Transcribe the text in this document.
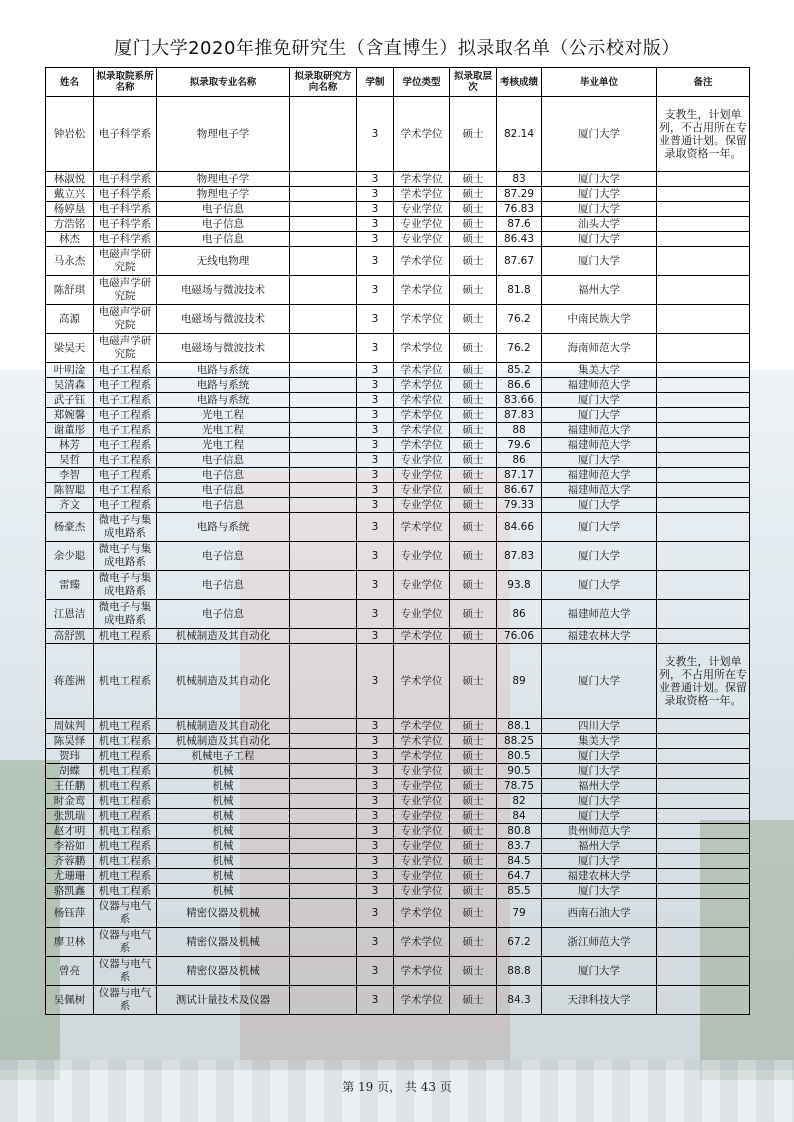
厦门大学2020年推免研究生（含直博生）拟录取名单（公示校对版）
姓名	拟录取院系所名称	拟录取专业名称	拟录取研究方向名称	学制	学位类型	拟录取层次	考核成绩	毕业单位	备注
钟岩松	电子科学系	物理电子学		3	学术学位	硕士	82.14	厦门大学	支教生，计划单列，不占用所在专业普通计划。保留录取资格一年。
林淑悦	电子科学系	物理电子学		3	学术学位	硕士	83	厦门大学	
戴立兴	电子科学系	物理电子学		3	学术学位	硕士	87.29	厦门大学	
杨婷垦	电子科学系	电子信息		3	专业学位	硕士	76.83	厦门大学	
方浩铭	电子科学系	电子信息		3	专业学位	硕士	87.6	汕头大学	
林杰	电子科学系	电子信息		3	专业学位	硕士	86.43	厦门大学	
马永杰	电磁声学研究院	无线电物理		3	学术学位	硕士	87.67	厦门大学	
陈舒琪	电磁声学研究院	电磁场与微波技术		3	学术学位	硕士	81.8	福州大学	
高源	电磁声学研究院	电磁场与微波技术		3	学术学位	硕士	76.2	中南民族大学	
梁昊天	电磁声学研究院	电磁场与微波技术		3	学术学位	硕士	76.2	海南师范大学	
叶明淦	电子工程系	电路与系统		3	学术学位	硕士	85.2	集美大学	
吴清森	电子工程系	电路与系统		3	学术学位	硕士	86.6	福建师范大学	
武子钰	电子工程系	电路与系统		3	学术学位	硕士	83.66	厦门大学	
郑婉馨	电子工程系	光电工程		3	学术学位	硕士	87.83	厦门大学	
谢董彤	电子工程系	光电工程		3	学术学位	硕士	88	福建师范大学	
林芳	电子工程系	光电工程		3	学术学位	硕士	79.6	福建师范大学	
吴哲	电子工程系	电子信息		3	专业学位	硕士	86	厦门大学	
李智	电子工程系	电子信息		3	专业学位	硕士	87.17	福建师范大学	
陈智聪	电子工程系	电子信息		3	专业学位	硕士	86.67	福建师范大学	
齐文	电子工程系	电子信息		3	专业学位	硕士	79.33	厦门大学	
杨豪杰	微电子与集成电路系	电路与系统		3	学术学位	硕士	84.66	厦门大学	
余少聪	微电子与集成电路系	电子信息		3	专业学位	硕士	87.83	厦门大学	
雷臻	微电子与集成电路系	电子信息		3	专业学位	硕士	93.8	厦门大学	
江恩洁	微电子与集成电路系	电子信息		3	专业学位	硕士	86	福建师范大学	
高舒凯	机电工程系	机械制造及其自动化		3	学术学位	硕士	76.06	福建农林大学	
蒋莲洲	机电工程系	机械制造及其自动化		3	学术学位	硕士	89	厦门大学	支教生，计划单列，不占用所在专业普通计划。保留录取资格一年。
周妹判	机电工程系	机械制造及其自动化		3	学术学位	硕士	88.1	四川大学	
陈昊怿	机电工程系	机械制造及其自动化		3	学术学位	硕士	88.25	集美大学	
贺玮	机电工程系	机械电子工程		3	学术学位	硕士	80.5	厦门大学	
胡蝶	机电工程系	机械		3	专业学位	硕士	90.5	厦门大学	
王任鹏	机电工程系	机械		3	专业学位	硕士	78.75	福州大学	
时金鸾	机电工程系	机械		3	专业学位	硕士	82	厦门大学	
张凯瑞	机电工程系	机械		3	专业学位	硕士	84	厦门大学	
赵才明	机电工程系	机械		3	专业学位	硕士	80.8	贵州师范大学	
李裕如	机电工程系	机械		3	专业学位	硕士	83.7	福州大学	
齐蓉鹏	机电工程系	机械		3	专业学位	硕士	84.5	厦门大学	
尤珊珊	机电工程系	机械		3	专业学位	硕士	64.7	福建农林大学	
骆凯鑫	机电工程系	机械		3	专业学位	硕士	85.5	厦门大学	
杨钰萍	仪器与电气系	精密仪器及机械		3	学术学位	硕士	79	西南石油大学	
廖卫林	仪器与电气系	精密仪器及机械		3	学术学位	硕士	67.2	浙江师范大学	
曾亮	仪器与电气系	精密仪器及机械		3	学术学位	硕士	88.8	厦门大学	
吴佩树	仪器与电气系	测试计量技术及仪器		3	学术学位	硕士	84.3	天津科技大学	
第 19 页， 共 43 页
